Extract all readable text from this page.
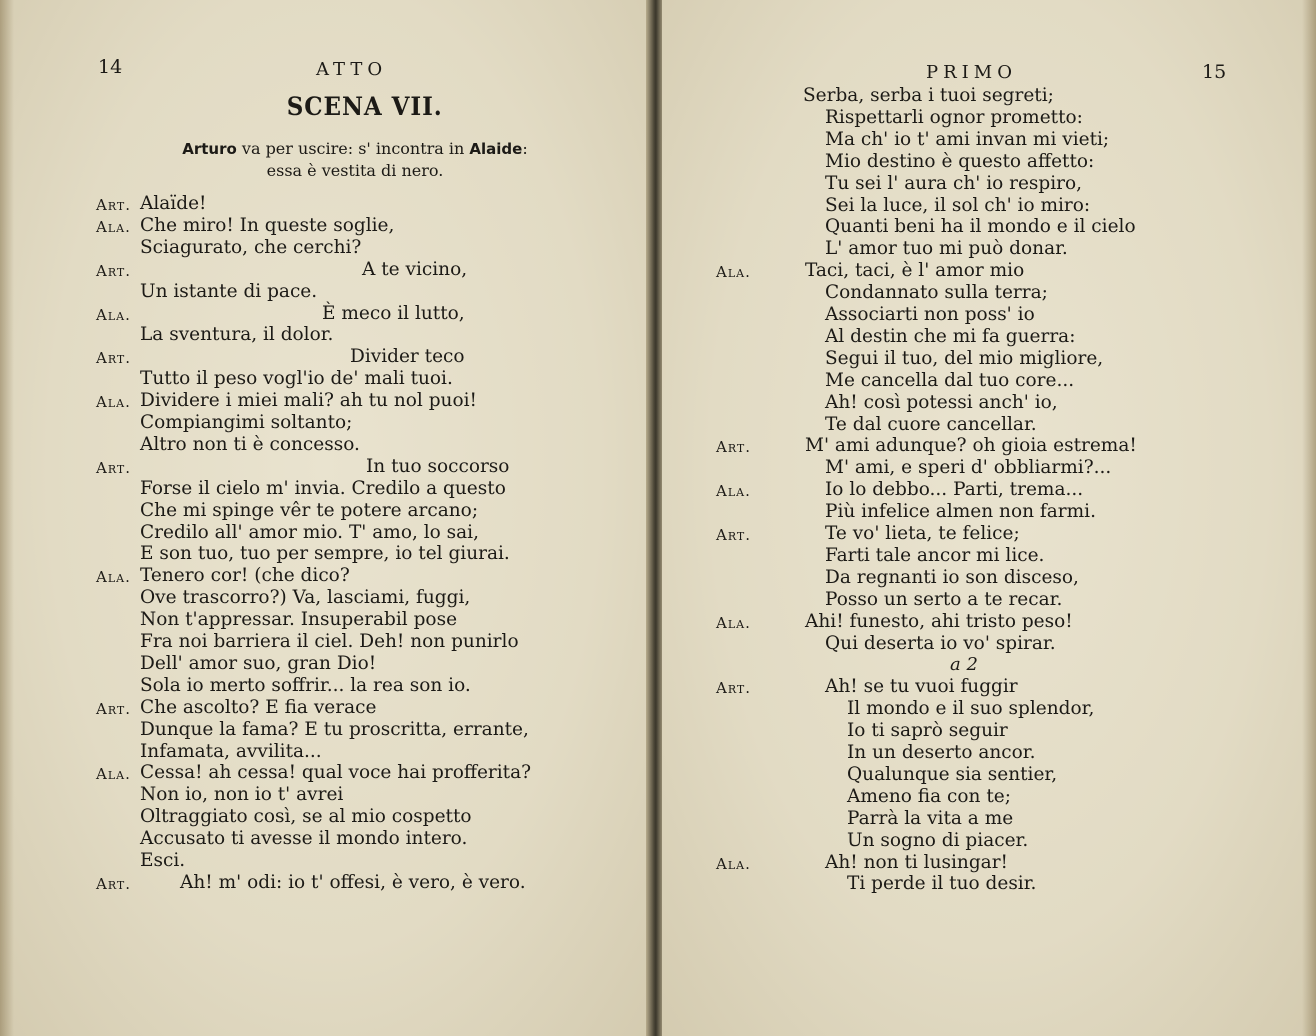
14	ATTO
SCENA VII.
Arturo va per uscire: s' incontra in Alaide:
essa è vestita di nero.
Art. Alaïde!
Ala. Che miro! In queste soglie,
Sciagurato, che cerchi?
Art.	A te vicino,
Un istante di pace.
Ala.	È meco il lutto,
La sventura, il dolor.
Art.	Divider teco
Tutto il peso vogl'io de' mali tuoi.
Ala. Dividere i miei mali? ah tu nol puoi!
Compiangimi soltanto;
Altro non ti è concesso.
Art.	In tuo soccorso
Forse il cielo m' invia. Credilo a questo
Che mi spinge vêr te potere arcano;
Credilo all' amor mio. T' amo, lo sai,
E son tuo, tuo per sempre, io tel giurai.
Ala. Tenero cor! (che dico?
Ove trascorro?) Va, lasciami, fuggi,
Non t'appressar. Insuperabil pose
Fra noi barriera il ciel. Deh! non punirlo
Dell' amor suo, gran Dio!
Sola io merto soffrir... la rea son io.
Art. Che ascolto? E fia verace
Dunque la fama? E tu proscritta, errante,
Infamata, avvilita...
Ala. Cessa! ah cessa! qual voce hai profferita?
Non io, non io t' avrei
Oltraggiato così, se al mio cospetto
Accusato ti avesse il mondo intero.
Esci.
Art.	Ah! m' odi: io t' offesi, è vero, è vero.
PRIMO	15
Serba, serba i tuoi segreti;
Rispettarli ognor prometto:
Ma ch' io t' ami invan mi vieti;
Mio destino è questo affetto:
Tu sei l' aura ch' io respiro,
Sei la luce, il sol ch' io miro:
Quanti beni ha il mondo e il cielo
L' amor tuo mi può donar.
Ala.	Taci, taci, è l' amor mio
Condannato sulla terra;
Associarti non poss' io
Al destin che mi fa guerra:
Segui il tuo, del mio migliore,
Me cancella dal tuo core...
Ah! così potessi anch' io,
Te dal cuore cancellar.
Art.	M' ami adunque? oh gioia estrema!
M' ami, e speri d' obbliarmi?...
Ala.	Io lo debbo... Parti, trema...
Più infelice almen non farmi.
Art.	Te vo' lieta, te felice;
Farti tale ancor mi lice.
Da regnanti io son disceso,
Posso un serto a te recar.
Ala.	Ahi! funesto, ahi tristo peso!
Qui deserta io vo' spirar.
a 2
Art.	Ah! se tu vuoi fuggir
Il mondo e il suo splendor,
Io ti saprò seguir
In un deserto ancor.
Qualunque sia sentier,
Ameno fia con te;
Parrà la vita a me
Un sogno di piacer.
Ala.	Ah! non ti lusingar!
Ti perde il tuo desir.
